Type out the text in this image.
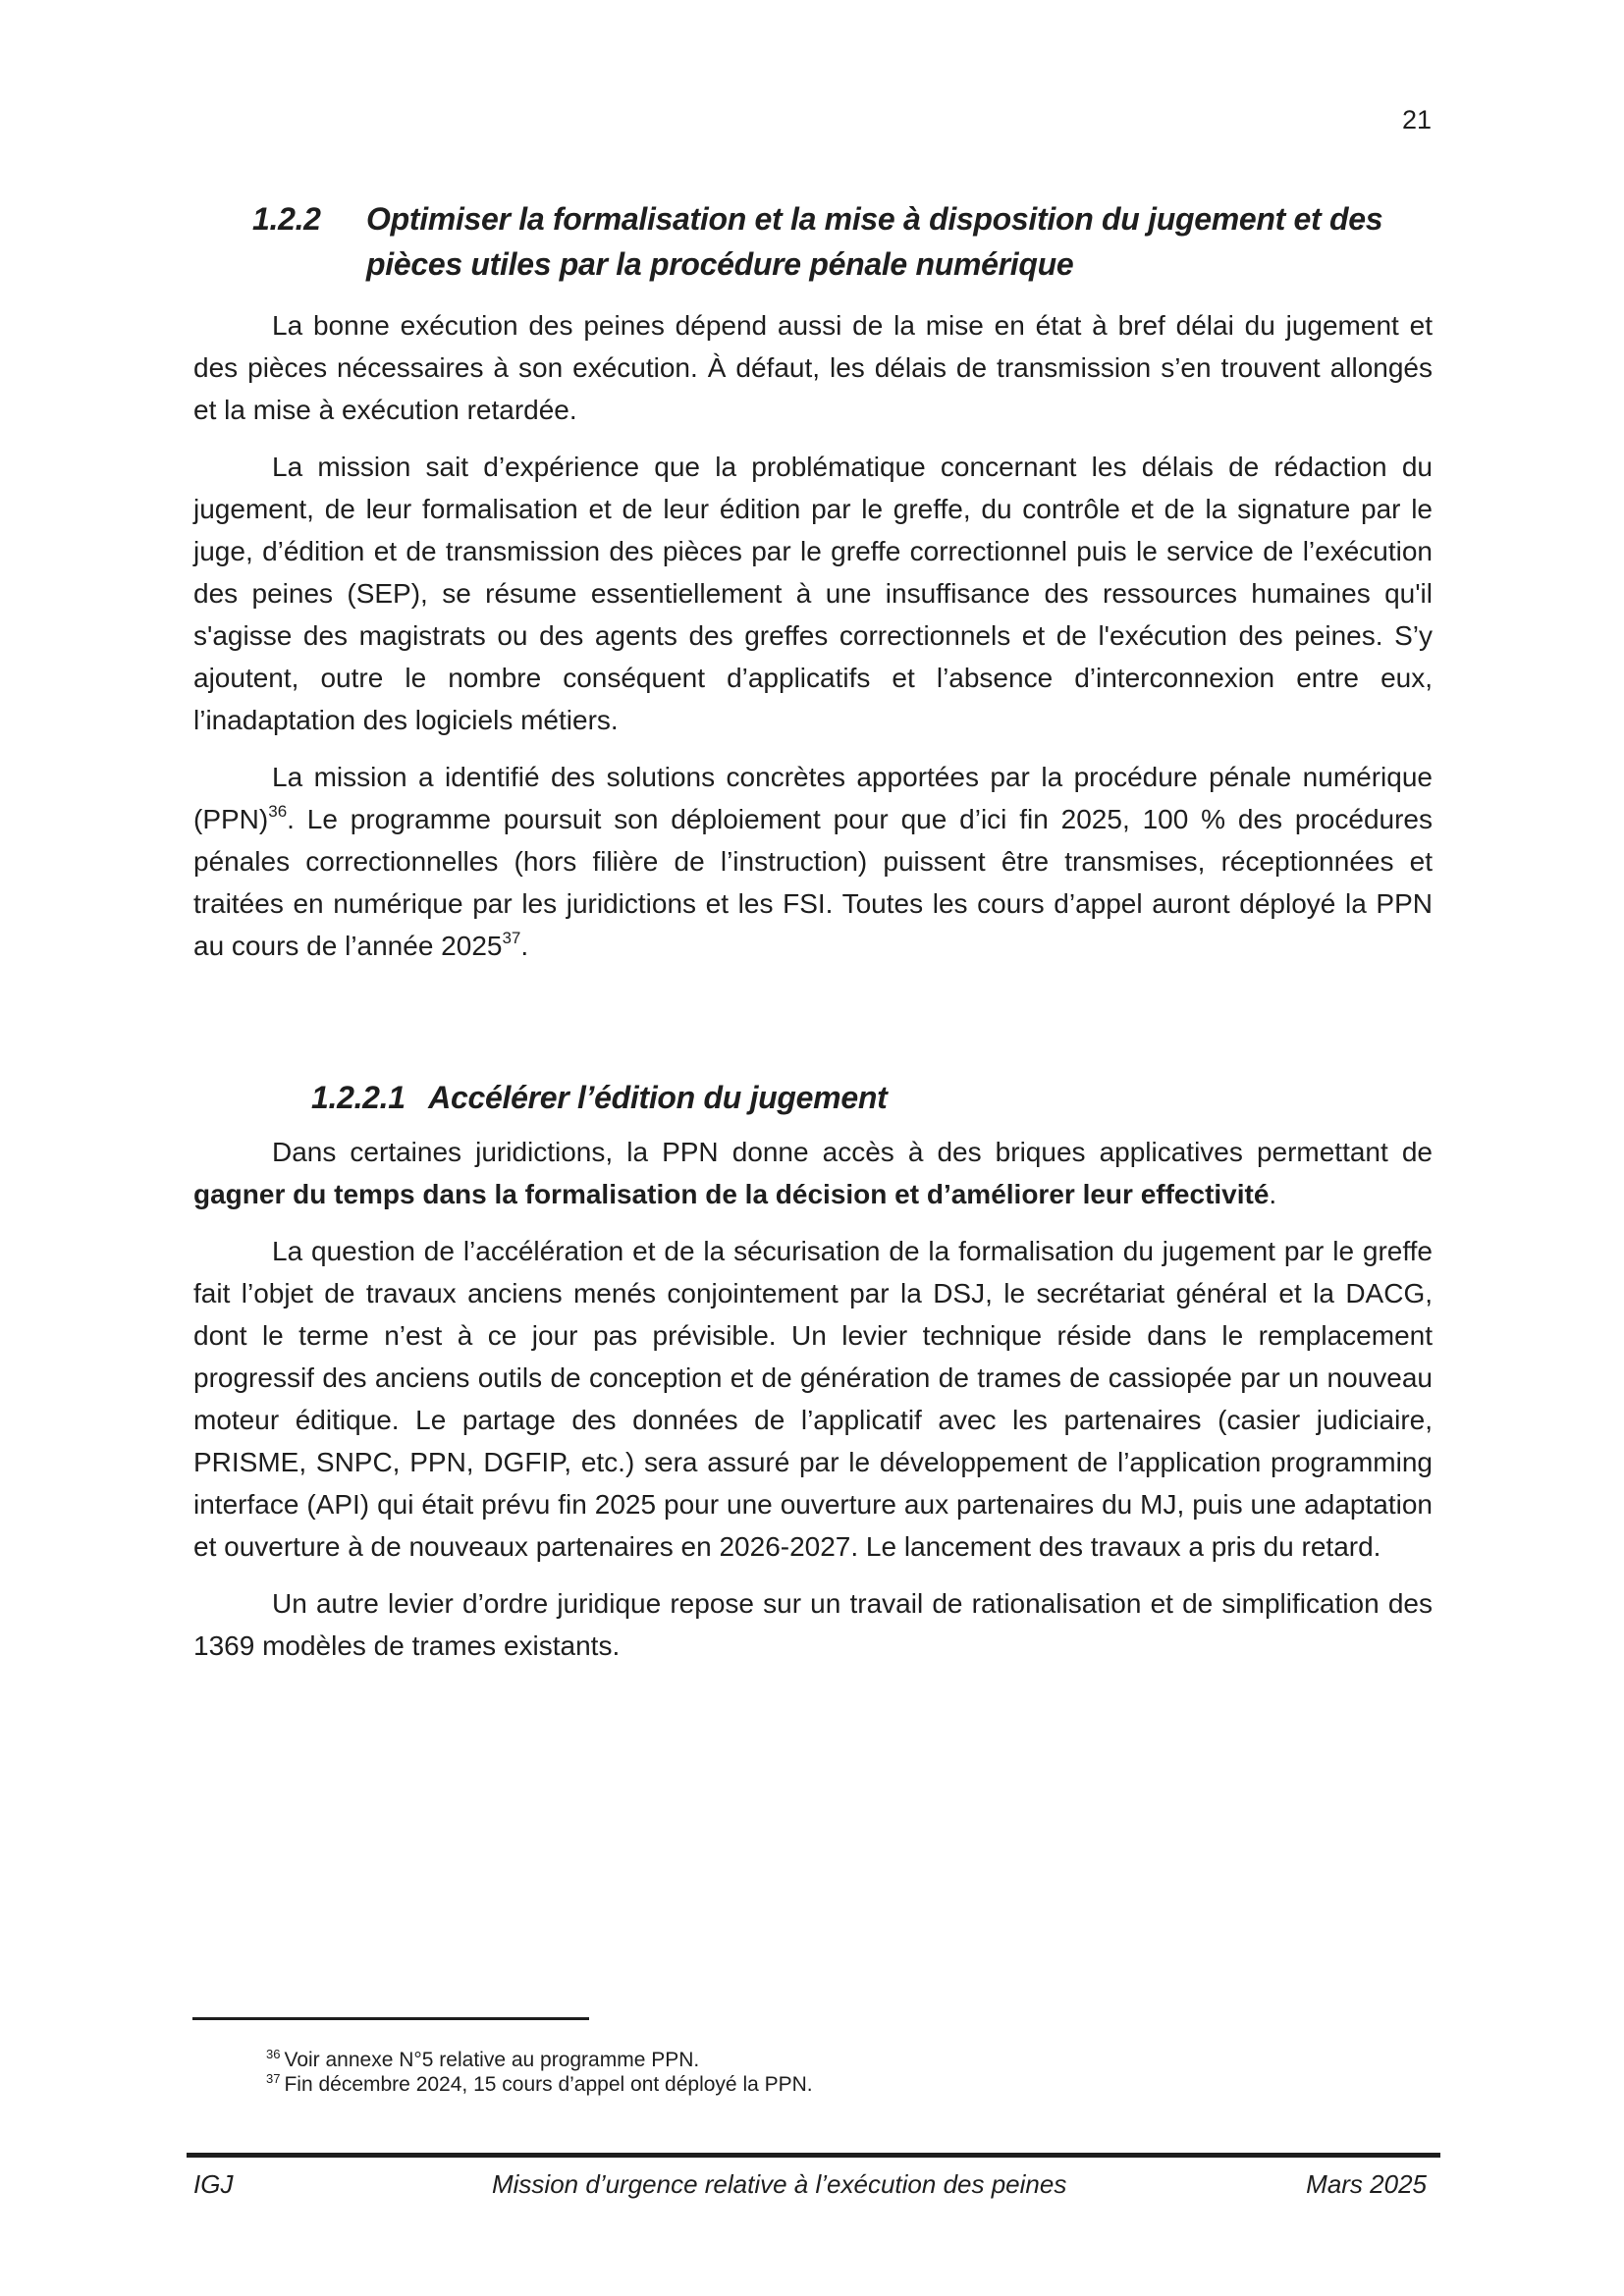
21
1.2.2 Optimiser la formalisation et la mise à disposition du jugement et des pièces utiles par la procédure pénale numérique

La bonne exécution des peines dépend aussi de la mise en état à bref délai du jugement et des pièces nécessaires à son exécution. À défaut, les délais de transmission s’en trouvent allongés et la mise à exécution retardée.

La mission sait d’expérience que la problématique concernant les délais de rédaction du jugement, de leur formalisation et de leur édition par le greffe, du contrôle et de la signature par le juge, d’édition et de transmission des pièces par le greffe correctionnel puis le service de l’exécution des peines (SEP), se résume essentiellement à une insuffisance des ressources humaines qu'il s'agisse des magistrats ou des agents des greffes correctionnels et de l'exécution des peines. S’y ajoutent, outre le nombre conséquent d’applicatifs et l’absence d’interconnexion entre eux, l’inadaptation des logiciels métiers.

La mission a identifié des solutions concrètes apportées par la procédure pénale numérique (PPN)$^{36}$. Le programme poursuit son déploiement pour que d’ici fin 2025, 100 % des procédures pénales correctionnelles (hors filière de l’instruction) puissent être transmises, réceptionnées et traitées en numérique par les juridictions et les FSI. Toutes les cours d’appel auront déployé la PPN au cours de l’année 2025$^{37}$.

1.2.2.1 Accélérer l’édition du jugement

Dans certaines juridictions, la PPN donne accès à des briques applicatives permettant de gagner du temps dans la formalisation de la décision et d’améliorer leur effectivité.

La question de l’accélération et de la sécurisation de la formalisation du jugement par le greffe fait l’objet de travaux anciens menés conjointement par la DSJ, le secrétariat général et la DACG, dont le terme n’est à ce jour pas prévisible. Un levier technique réside dans le remplacement progressif des anciens outils de conception et de génération de trames de cassiopée par un nouveau moteur éditique. Le partage des données de l’applicatif avec les partenaires (casier judiciaire, PRISME, SNPC, PPN, DGFIP, etc.) sera assuré par le développement de l’application programming interface (API) qui était prévu fin 2025 pour une ouverture aux partenaires du MJ, puis une adaptation et ouverture à de nouveaux partenaires en 2026-2027. Le lancement des travaux a pris du retard.

Un autre levier d’ordre juridique repose sur un travail de rationalisation et de simplification des 1369 modèles de trames existants.

$^{36}$ Voir annexe N°5 relative au programme PPN.
$^{37}$ Fin décembre 2024, 15 cours d’appel ont déployé la PPN.
IGJ	Mission d’urgence relative à l’exécution des peines	Mars 2025
